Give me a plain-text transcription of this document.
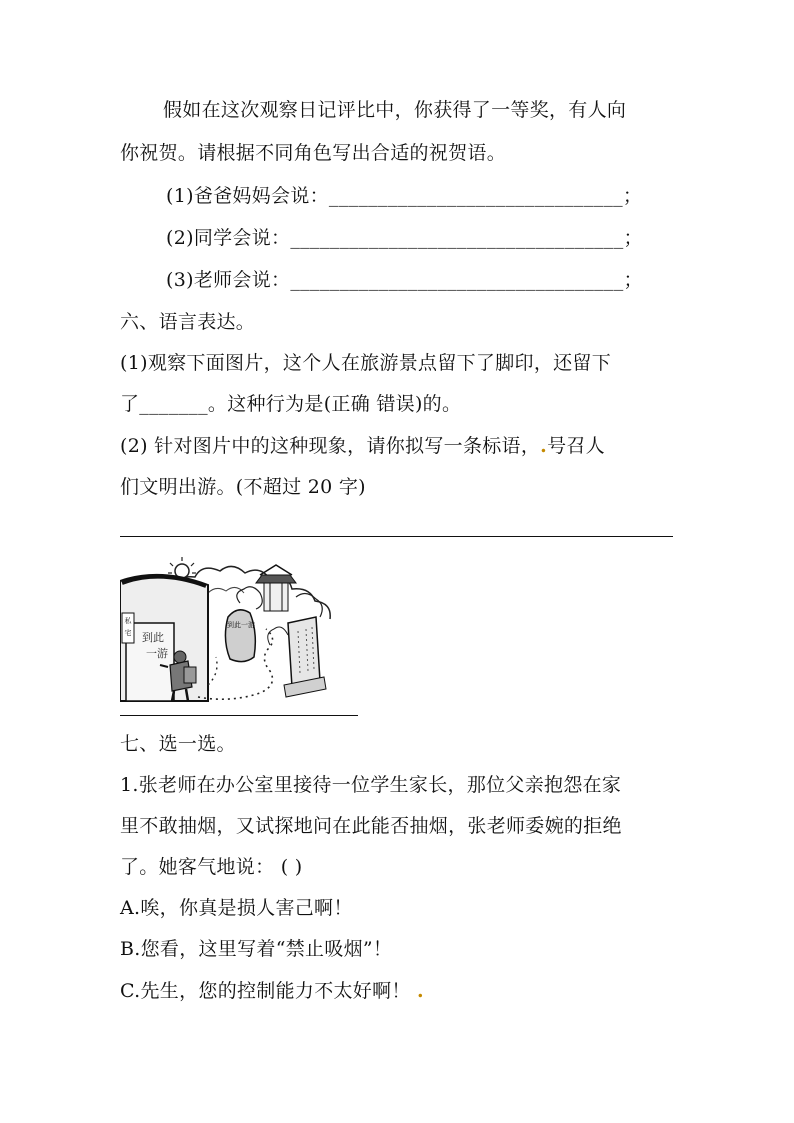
假如在这次观察日记评比中，你获得了一等奖，有人向
你祝贺。请根据不同角色写出合适的祝贺语。
(1)爸爸妈妈会说：______________________________；
(2)同学会说：__________________________________；
(3)老师会说：__________________________________；
六、语言表达。
(1)观察下面图片，这个人在旅游景点留下了脚印，还留下
了_______。这种行为是(正确 错误)的。
(2) 针对图片中的这种现象，请你拟写一条标语，.号召人
们文明出游。(不超过 20 字)
私
宅 到此
一游
到此一游
七、选一选。
1.张老师在办公室里接待一位学生家长，那位父亲抱怨在家
里不敢抽烟，又试探地问在此能否抽烟，张老师委婉的拒绝
了。她客气地说： ( )
A.唉，你真是损人害己啊！
B.您看，这里写着“禁止吸烟”！
C.先生，您的控制能力不太好啊！ .
